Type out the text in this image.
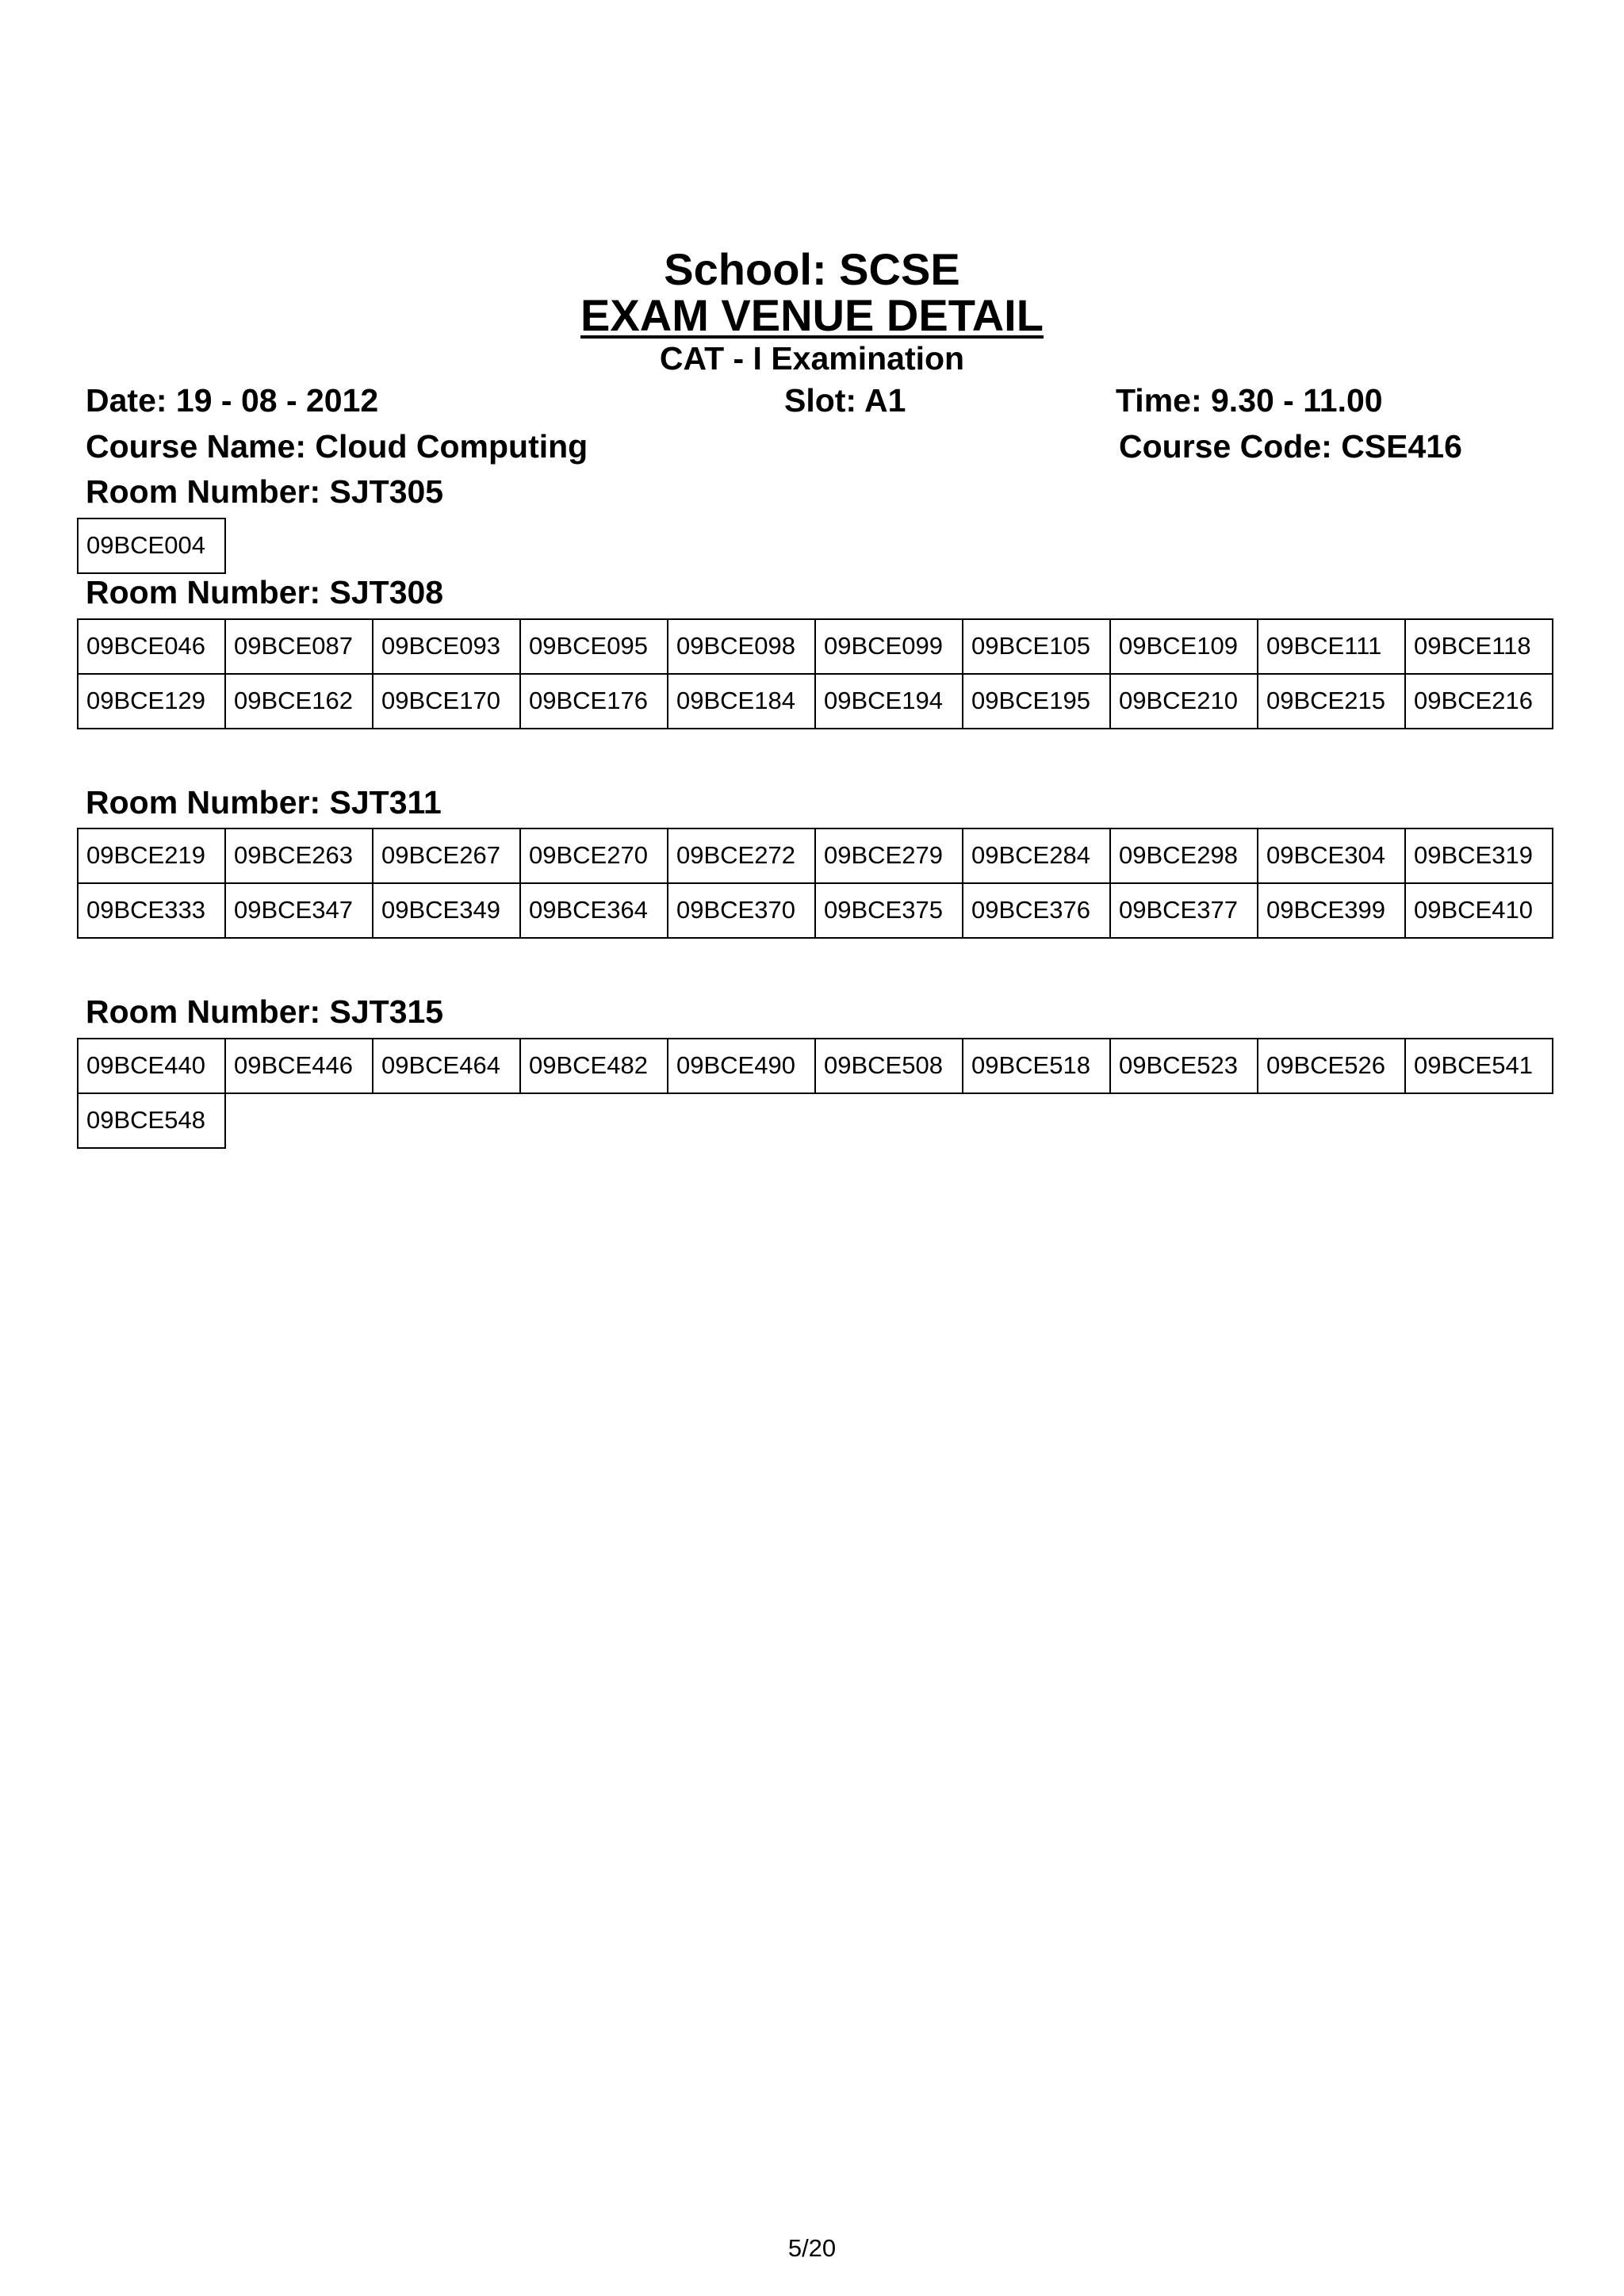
School: SCSE
EXAM VENUE DETAIL
CAT - I Examination
Date: 19 - 08 - 2012	Slot: A1	Time: 9.30 - 11.00
Course Name: Cloud Computing	Course Code: CSE416
Room Number: SJT305
09BCE004
Room Number: SJT308
09BCE046	09BCE087	09BCE093	09BCE095	09BCE098	09BCE099	09BCE105	09BCE109	09BCE111	09BCE118
09BCE129	09BCE162	09BCE170	09BCE176	09BCE184	09BCE194	09BCE195	09BCE210	09BCE215	09BCE216
Room Number: SJT311
09BCE219	09BCE263	09BCE267	09BCE270	09BCE272	09BCE279	09BCE284	09BCE298	09BCE304	09BCE319
09BCE333	09BCE347	09BCE349	09BCE364	09BCE370	09BCE375	09BCE376	09BCE377	09BCE399	09BCE410
Room Number: SJT315
09BCE440	09BCE446	09BCE464	09BCE482	09BCE490	09BCE508	09BCE518	09BCE523	09BCE526	09BCE541
09BCE548
5/20
